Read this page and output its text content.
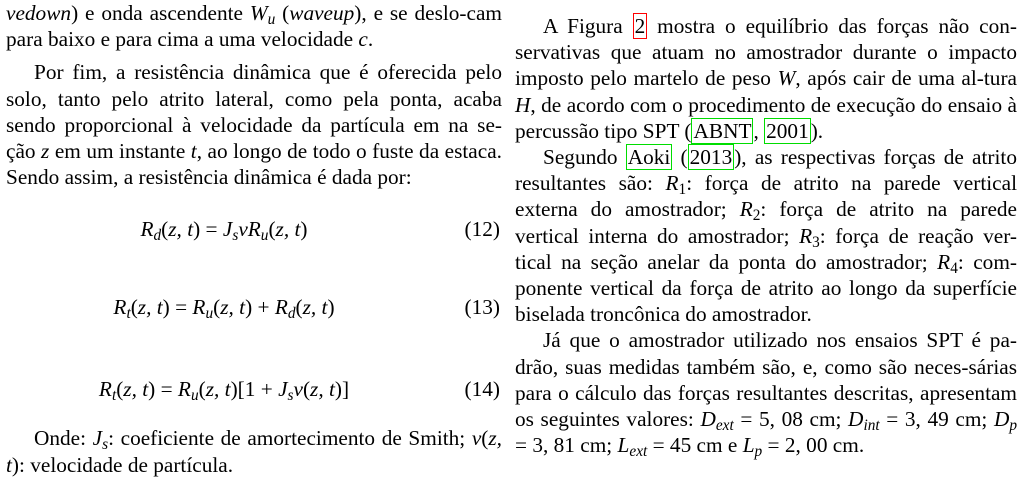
vedown) e onda ascendente $W_u$ (waveup), e se deslo-cam para baixo e para cima a uma velocidade c.

Por fim, a resistência dinâmica que é oferecida pelo solo, tanto pelo atrito lateral, como pela ponta, acaba sendo proporcional à velocidade da partícula em na se-ção z em um instante t, ao longo de todo o fuste da estaca. Sendo assim, a resistência dinâmica é dada por:

$R_d(z$, $t) = J_svR_u(z$, t)	(12)
$R_t(z$, $t) = R_u(z$, $t) + R_d(z$, t)	(13)
$R_t(z$, $t) = R_u(z$, $t)[1 + J_sv(z$, t)]	(14)

Onde: $J_s$: coeficiente de amortecimento de Smith; v(z, t): velocidade de partícula.

A Figura 2 mostra o equilíbrio das forças não con-servativas que atuam no amostrador durante o impacto imposto pelo martelo de peso W, após cair de uma al-tura H, de acordo com o procedimento de execução do ensaio à percussão tipo SPT (ABNT, 2001).

Segundo Aoki (2013), as respectivas forças de atrito resultantes são: $R_1$: força de atrito na parede vertical externa do amostrador; $R_2$: força de atrito na parede vertical interna do amostrador; $R_3$: força de reação ver-tical na seção anelar da ponta do amostrador; $R_4$: com-ponente vertical da força de atrito ao longo da superfície biselada troncônica do amostrador.

Já que o amostrador utilizado nos ensaios SPT é pa-drão, suas medidas também são, e, como são neces-sárias para o cálculo das forças resultantes descritas, apresentam os seguintes valores: $D_{ext} = 5$, 08 cm; $D_{int} = 3$, 49 cm; $D_p = 3$, 81 cm; $L_{ext} = 45$ cm e $L_p = 2$, 00 cm.
